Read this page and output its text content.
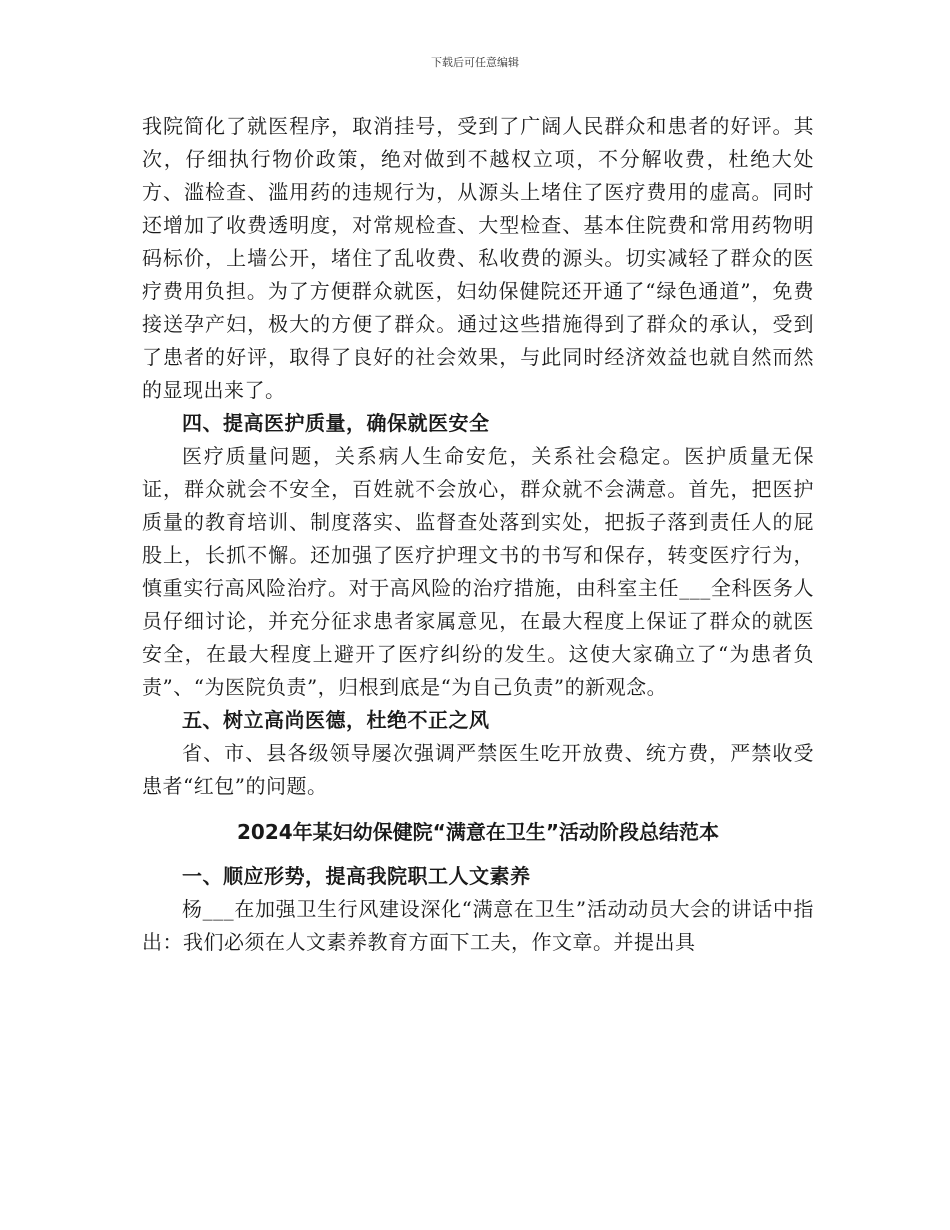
下载后可任意编辑

我院简化了就医程序，取消挂号，受到了广阔人民群众和患者的好评。其次，仔细执行物价政策，绝对做到不越权立项，不分解收费，杜绝大处方、滥检查、滥用药的违规行为，从源头上堵住了医疗费用的虚高。同时还增加了收费透明度，对常规检查、大型检查、基本住院费和常用药物明码标价，上墙公开，堵住了乱收费、私收费的源头。切实减轻了群众的医疗费用负担。为了方便群众就医，妇幼保健院还开通了“绿色通道”，免费接送孕产妇，极大的方便了群众。通过这些措施得到了群众的承认，受到了患者的好评，取得了良好的社会效果，与此同时经济效益也就自然而然的显现出来了。

四、提高医护质量，确保就医安全

医疗质量问题，关系病人生命安危，关系社会稳定。医护质量无保证，群众就会不安全，百姓就不会放心，群众就不会满意。首先，把医护质量的教育培训、制度落实、监督查处落到实处，把扳子落到责任人的屁股上，长抓不懈。还加强了医疗护理文书的书写和保存，转变医疗行为，慎重实行高风险治疗。对于高风险的治疗措施，由科室主任___全科医务人员仔细讨论，并充分征求患者家属意见，在最大程度上保证了群众的就医安全，在最大程度上避开了医疗纠纷的发生。这使大家确立了“为患者负责”、“为医院负责”，归根到底是“为自己负责”的新观念。

五、树立高尚医德，杜绝不正之风

省、市、县各级领导屡次强调严禁医生吃开放费、统方费，严禁收受患者“红包”的问题。

2024年某妇幼保健院“满意在卫生”活动阶段总结范本

一、顺应形势，提高我院职工人文素养

杨___在加强卫生行风建设深化“满意在卫生”活动动员大会的讲话中指出：我们必须在人文素养教育方面下工夫，作文章。并提出具
